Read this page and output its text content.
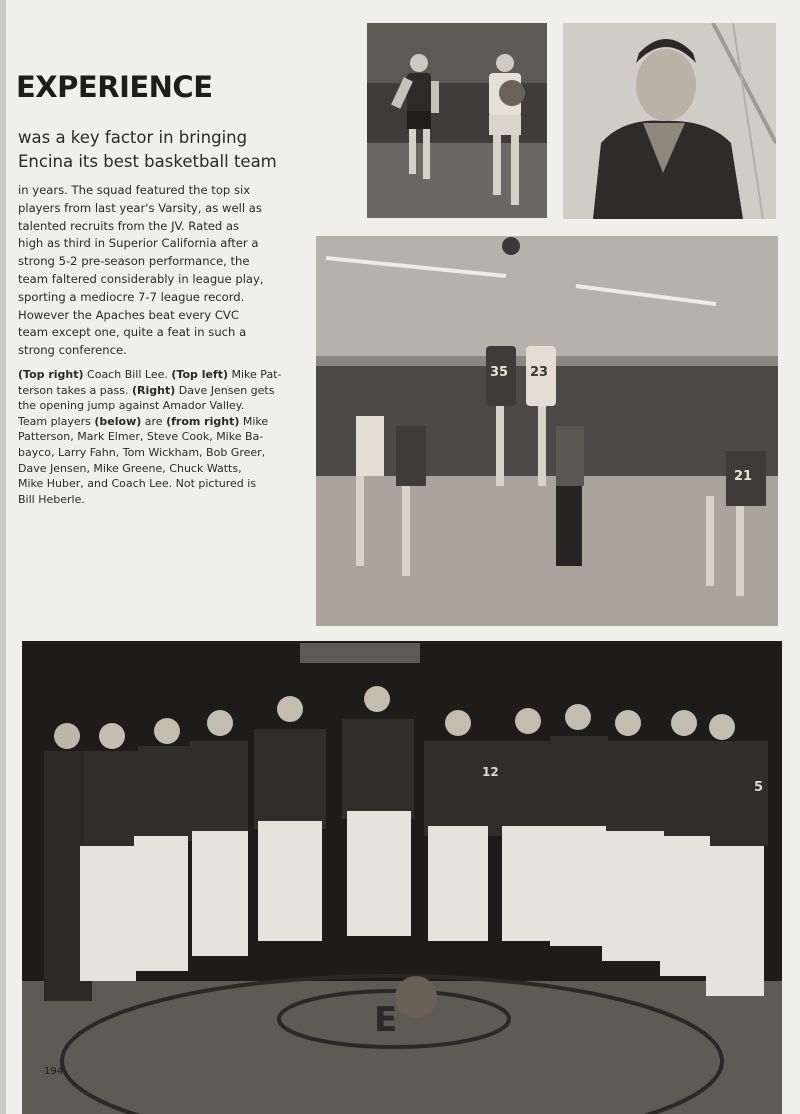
35 23
21
E
12
5
EXPERIENCE

was a key factor in bringing
Encina its best basketball team

in years. The squad featured the top six
players from last year's Varsity, as well as
talented recruits from the JV. Rated as
high as third in Superior California after a
strong 5-2 pre-season performance, the
team faltered considerably in league play,
sporting a mediocre 7-7 league record.
However the Apaches beat every CVC
team except one, quite a feat in such a
strong conference.

(Top right) Coach Bill Lee. (Top left) Mike Pat-
terson takes a pass. (Right) Dave Jensen gets
the opening jump against Amador Valley.
Team players (below) are (from right) Mike
Patterson, Mark Elmer, Steve Cook, Mike Ba-
bayco, Larry Fahn, Tom Wickham, Bob Greer,
Dave Jensen, Mike Greene, Chuck Watts,
Mike Huber, and Coach Lee. Not pictured is
Bill Heberle.

194
